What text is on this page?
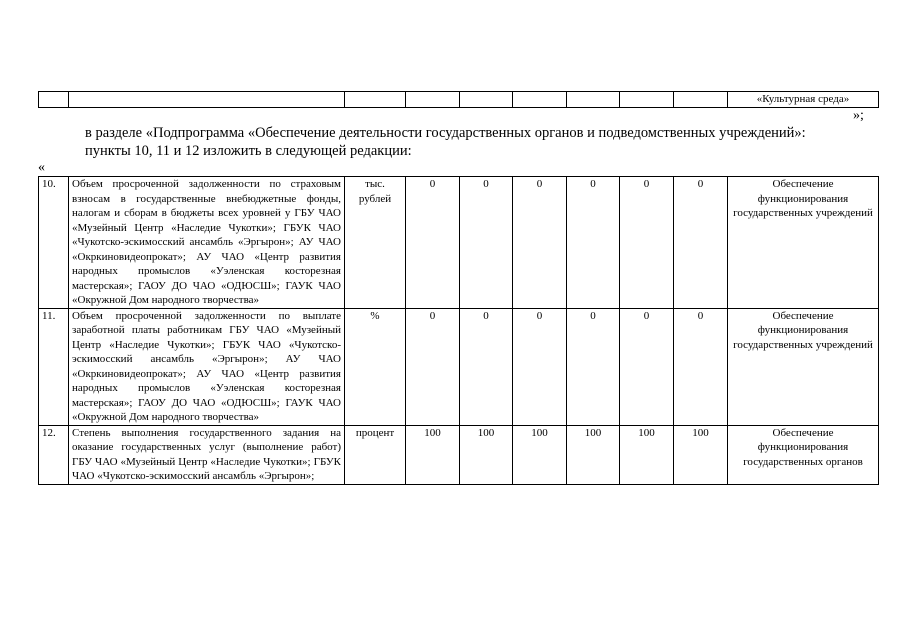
									«Культурная среда»
»;
в разделе «Подпрограмма «Обеспечение деятельности государственных органов и подведомственных учреждений»:
пункты 10, 11 и 12 изложить в следующей редакции:
«
10.	Объем просроченной задолженности по страховым взносам в государственные внебюджетные фонды, налогам и сборам в бюджеты всех уровней у ГБУ ЧАО «Музейный Центр «Наследие Чукотки»; ГБУК ЧАО «Чукотско-эскимосский ансамбль «Эргырон»; АУ ЧАО «Окркиновидеопрокат»; АУ ЧАО «Центр развития народных промыслов «Уэленская косторезная мастерская»; ГАОУ ДО ЧАО «ОДЮСШ»; ГАУК ЧАО «Окружной Дом народного творчества»	тыс. рублей	0	0	0	0	0	0	Обеспечение функционирования государственных учреждений
11.	Объем просроченной задолженности по выплате заработной платы работникам ГБУ ЧАО «Музейный Центр «Наследие Чукотки»; ГБУК ЧАО «Чукотско-эскимосский ансамбль «Эргырон»; АУ ЧАО «Окркиновидеопрокат»; АУ ЧАО «Центр развития народных промыслов «Уэленская косторезная мастерская»; ГАОУ ДО ЧАО «ОДЮСШ»; ГАУК ЧАО «Окружной Дом народного творчества»	%	0	0	0	0	0	0	Обеспечение функционирования государственных учреждений
12.	Степень выполнения государственного задания на оказание государственных услуг (выполнение работ) ГБУ ЧАО «Музейный Центр «Наследие Чукотки»; ГБУК ЧАО «Чукотско-эскимосский ансамбль «Эргырон»;	процент	100	100	100	100	100	100	Обеспечение функционирования государственных органов
